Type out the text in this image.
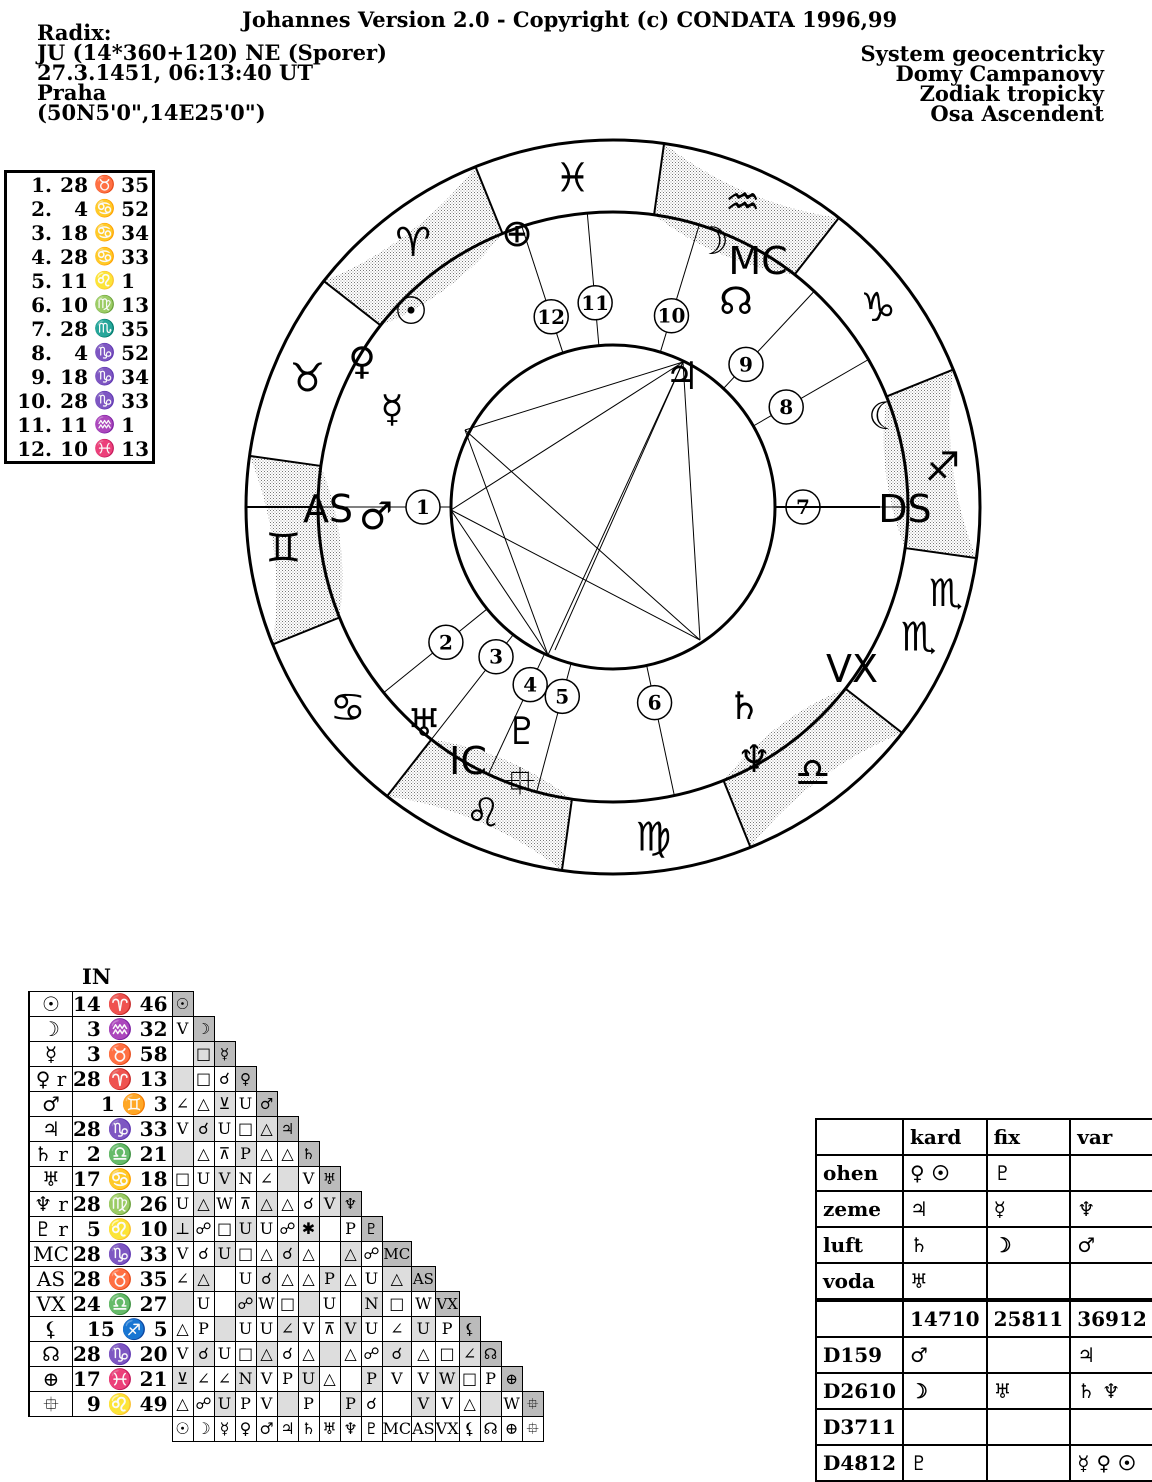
Johannes Version 2.0 - Copyright (c) CONDATA 1996,99
Radix:
JU (14*360+120) NE (Sporer)
27.3.1451, 06:13:40 UT
Praha
(50N5'0",14E25'0")
System geocentricky
Domy Campanovy
Zodiak tropicky
Osa Ascendent
1.	28	♉	35
2.	4	♋	52
3.	18	♋	34
4.	28	♋	33
5.	11	♌	1
6.	10	♍	13
7.	28	♏	35
8.	4	♑	52
9.	18	♑	34
10.	28	♑	33
11.	11	♒	1
12.	10	♓	13
♓
♒
♑
♐
♏
♎
♍
♌
♋
♊
♉
♈
1
2
3
4 5	6
7
8
9
10
11
12
☽ MC
☊
♃
☾
DS
♏
VX
♄
♆
♇
IC ⯐
♅
AS ♂
♀
☿
☉
⊕
IN
☉	14 ♈ 46	☉																
☽	3 ♒ 32	V	☽															
☿	3 ♉ 58		□	☿														
♀ r	28 ♈ 13		□	☌	♀													
♂	1 ♊ 3	∠	△	⊻	U	♂												
♃	28 ♑ 33	V	☌	U	□	△	♃											
♄ r	2 ♎ 21		△	⊼	P	△	△	♄										
♅	17 ♋ 18	□	U	V	N	∠		V	♅									
♆ r	28 ♍ 26	U	△	W	⊼	△	△	☌	V	♆								
♇ r	5 ♌ 10	⊥	☍	□	U	U	☍	✱		P	♇							
MC	28 ♑ 33	V	☌	U	□	△	☌	△		△	☍	MC						
AS	28 ♉ 35	∠	△		U	☌	△	△	P	△	U	△	AS					
VX	24 ♎ 27		U		☍	W	□		U		N	□	W	VX				
⚸	15 ♐ 5	△	P		U	U	∠	V	⊼	V	U	∠	U	P	⚸			
☊	28 ♑ 20	V	☌	U	□	△	☌	△		△	☍	☌	△	□	∠	☊		
⊕	17 ♓ 21	⊻	∠	∠	N	V	P	U	△		P	V	V	W	□	P	⊕	
⯐	9 ♌ 49	△	☍	U	P	V		P		P	☌		V	V	△		W	⯐
		☉	☽	☿	♀	♂	♃	♄	♅	♆	♇	MC	AS	VX	⚸	☊	⊕	⯐
	kard	fix	var
ohen	♀ ☉	♇	
zeme	♃	☿	♆
luft	♄	☽	♂
voda	♅		
	14710	25811	36912
D159	♂		♃
D2610	☽	♅	♄ ♆
D3711			
D4812	♇		☿ ♀ ☉
